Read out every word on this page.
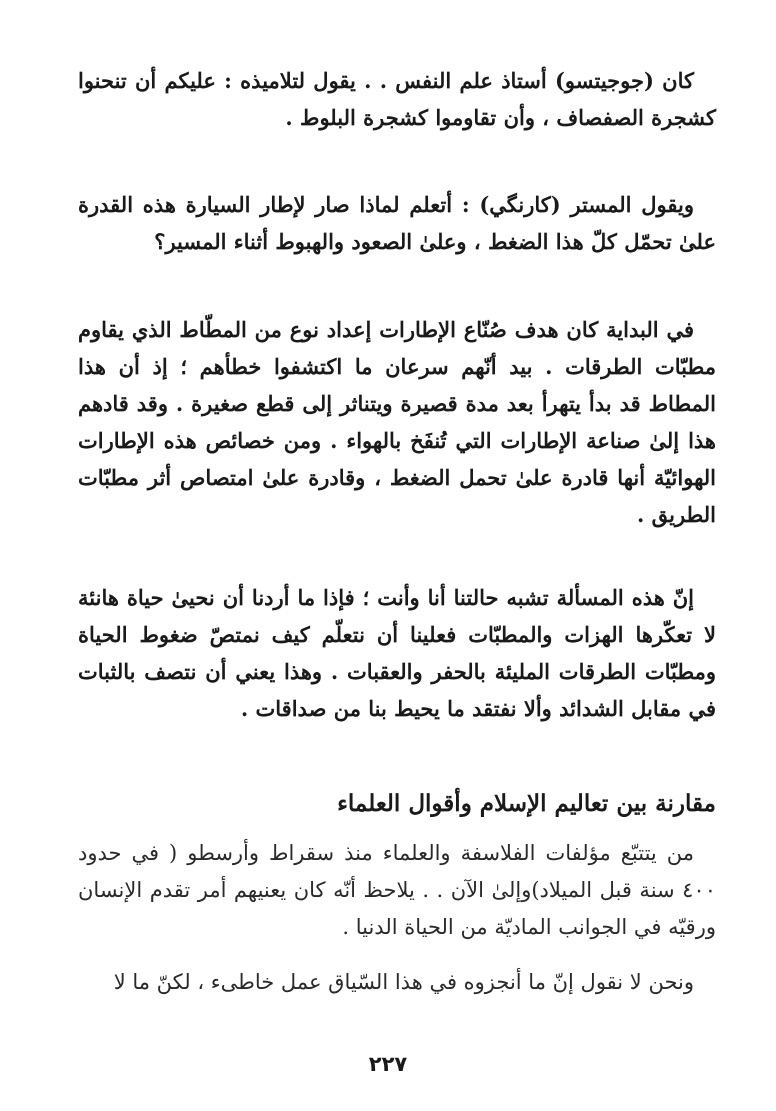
كان (جوجيتسو) أستاذ علم النفس . . يقول لتلاميذه : عليكم أن تنحنوا كشجرة الصفصاف ، وأن تقاوموا كشجرة البلوط .

ويقول المستر (كارنگي) : أتعلم لماذا صار لإطار السيارة هذه القدرة علىٰ تحمّل كلّ هذا الضغط ، وعلىٰ الصعود والهبوط أثناء المسير؟

في البداية كان هدف صُنّاع الإطارات إعداد نوع من المطّاط الذي يقاوم مطبّات الطرقات . بيد أنّهم سرعان ما اكتشفوا خطأهم ؛ إذ أن هذا المطاط قد بدأ يتهرأ بعد مدة قصيرة ويتناثر إلى قطع صغيرة . وقد قادهم هذا إلىٰ صناعة الإطارات التي تُنفَخ بالهواء . ومن خصائص هذه الإطارات الهوائيّة أنها قادرة علىٰ تحمل الضغط ، وقادرة علىٰ امتصاص أثر مطبّات الطريق .

إنّ هذه المسألة تشبه حالتنا أنا وأنت ؛ فإذا ما أردنا أن نحيىٰ حياة هانئة لا تعكّرها الهزات والمطبّات فعلينا أن نتعلّم كيف نمتصّ ضغوط الحياة ومطبّات الطرقات المليئة بالحفر والعقبات . وهذا يعني أن نتصف بالثبات في مقابل الشدائد وألا نفتقد ما يحيط بنا من صداقات .

مقارنة بين تعاليم الإسلام وأقوال العلماء

من يتتبّع مؤلفات الفلاسفة والعلماء منذ سقراط وأرسطو ( في حدود ٤٠٠ سنة قبل الميلاد)وإلىٰ الآن . . يلاحظ أنّه كان يعنيهم أمر تقدم الإنسان ورقيّه في الجوانب الماديّة من الحياة الدنيا .

ونحن لا نقول إنّ ما أنجزوه في هذا السّياق عمل خاطىء ، لكنّ ما لا

٢٢٧
